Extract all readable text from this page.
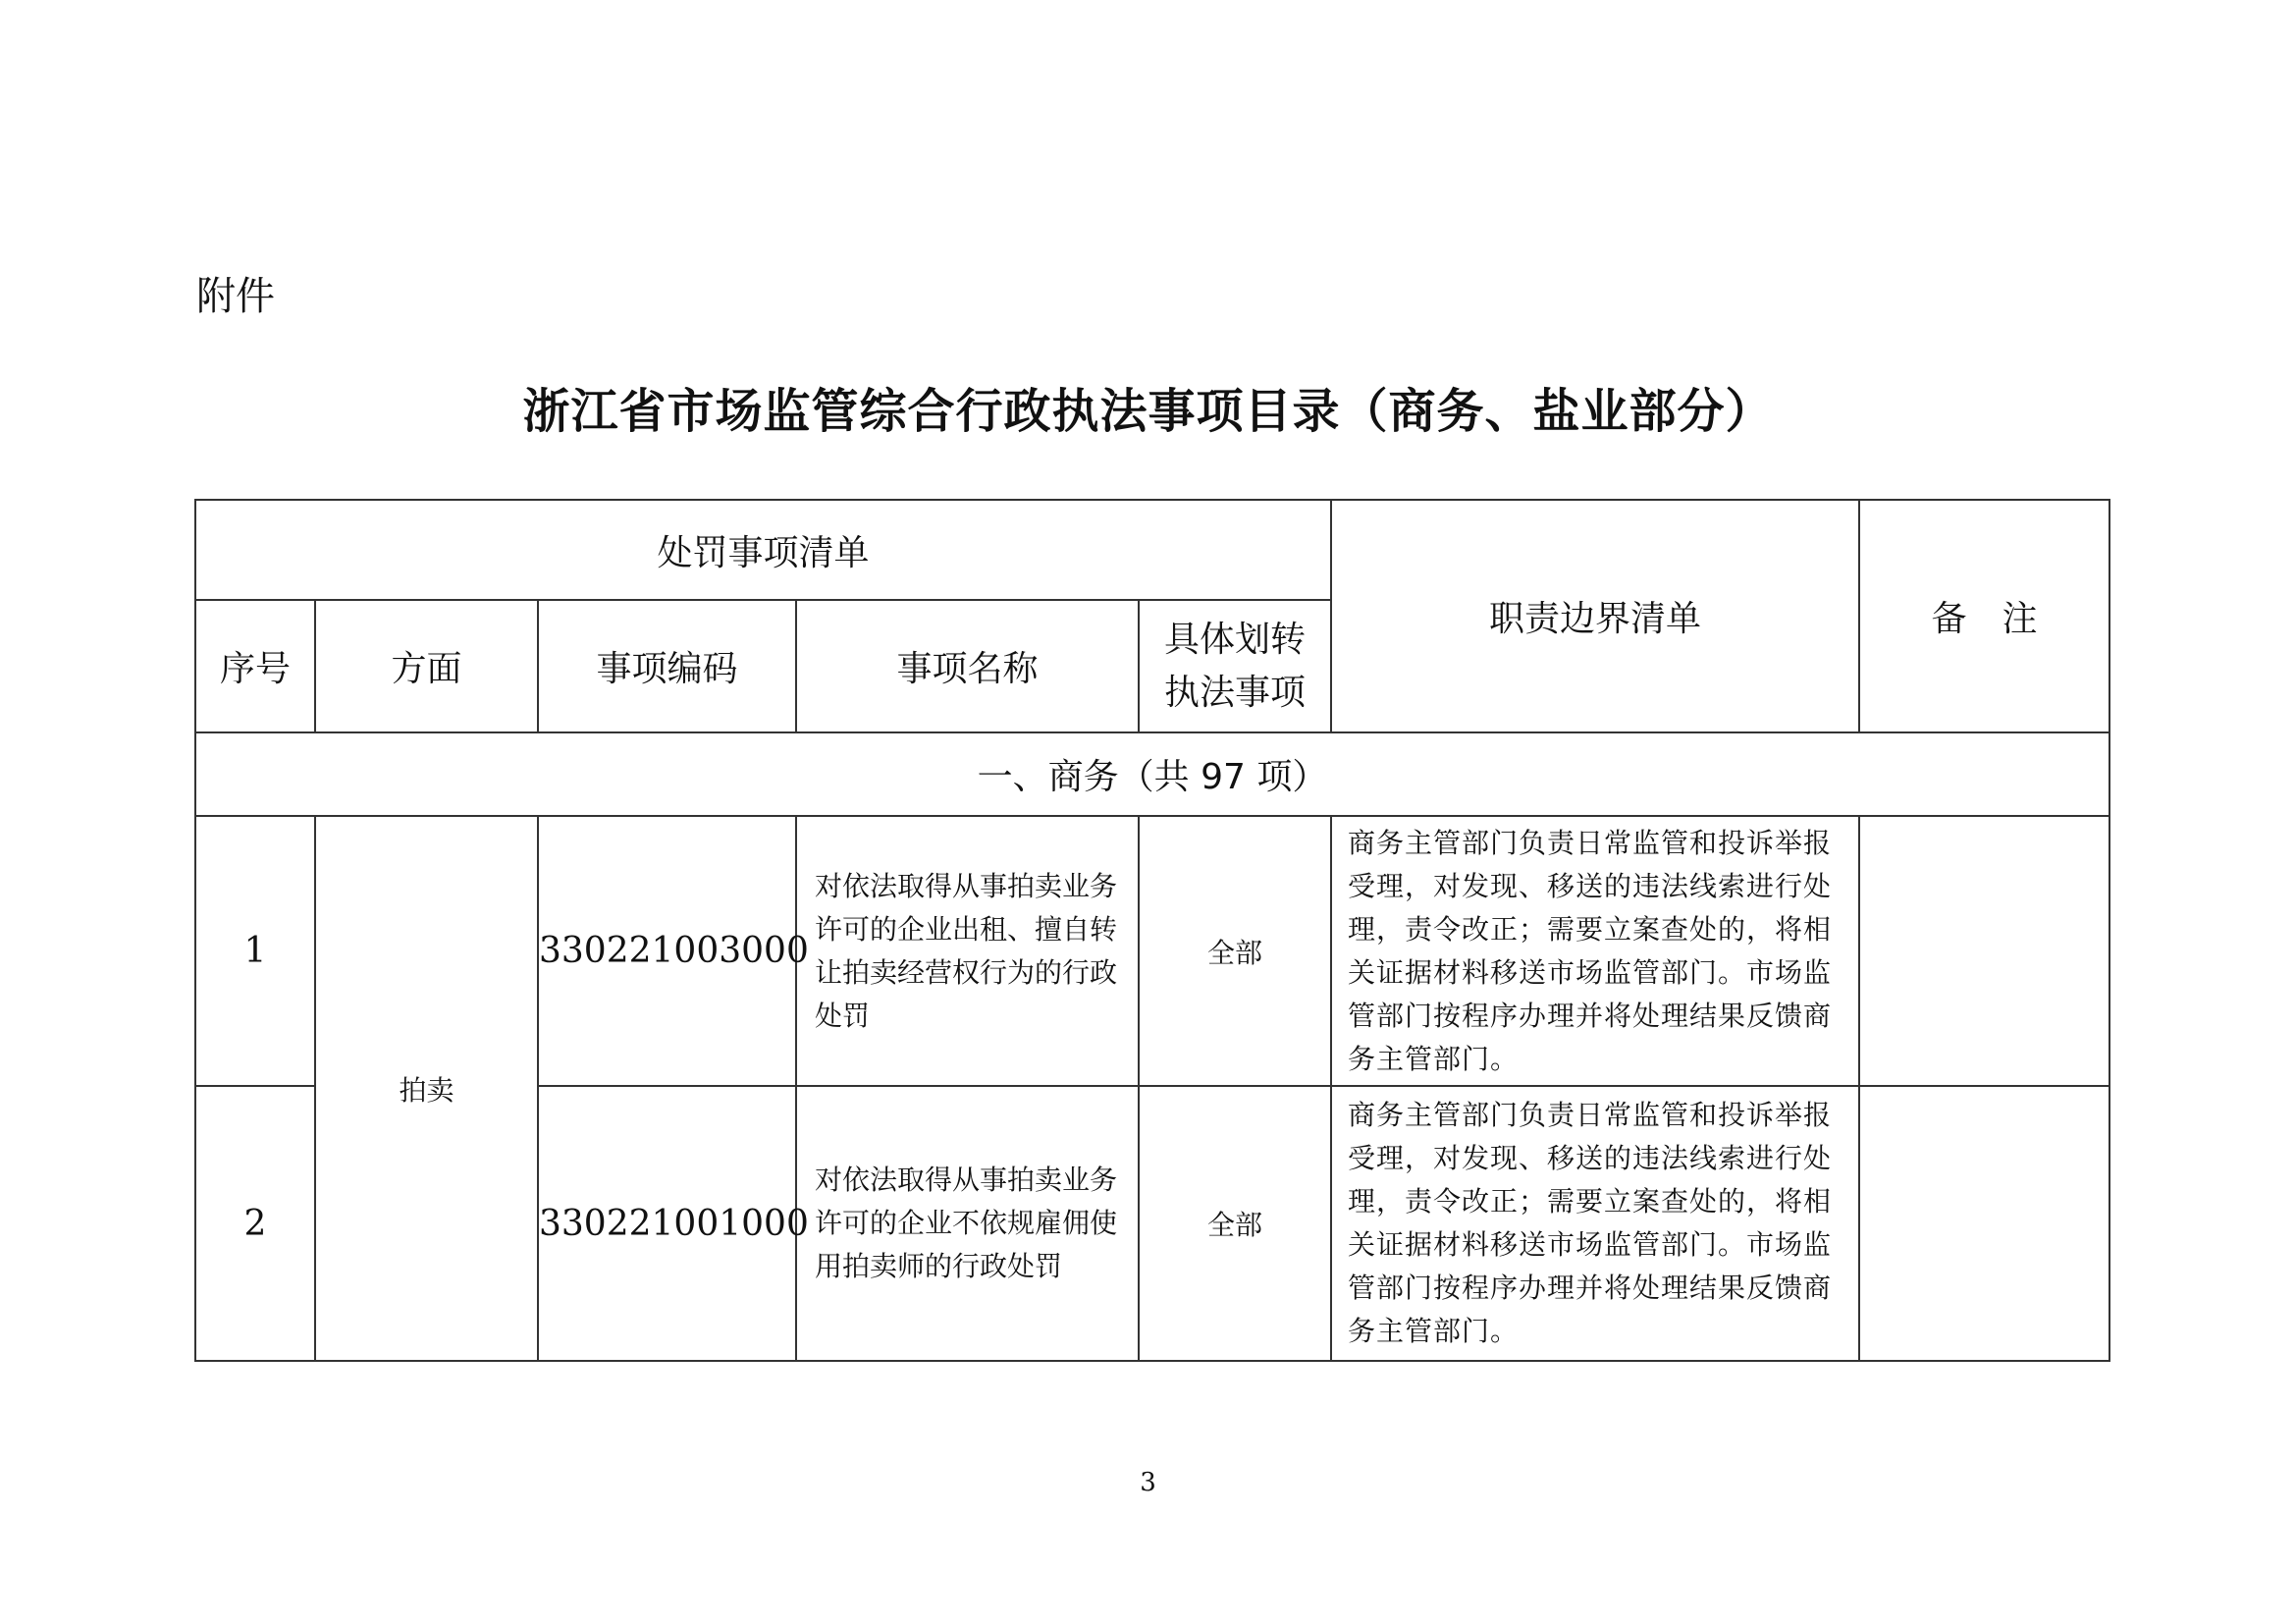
附件
浙江省市场监管综合行政执法事项目录（商务、盐业部分）
处罚事项清单					职责边界清单	备　注
序号	方面	事项编码	事项名称	具体划转执法事项		
一、商务（共 97 项）						
1	拍卖	330221003000	对依法取得从事拍卖业务许可的企业出租、擅自转让拍卖经营权行为的行政处罚	全部	商务主管部门负责日常监管和投诉举报受理，对发现、移送的违法线索进行处理，责令改正；需要立案查处的，将相关证据材料移送市场监管部门。市场监管部门按程序办理并将处理结果反馈商务主管部门。	
2		330221001000	对依法取得从事拍卖业务许可的企业不依规雇佣使用拍卖师的行政处罚	全部	商务主管部门负责日常监管和投诉举报受理，对发现、移送的违法线索进行处理，责令改正；需要立案查处的，将相关证据材料移送市场监管部门。市场监管部门按程序办理并将处理结果反馈商务主管部门。	
3
